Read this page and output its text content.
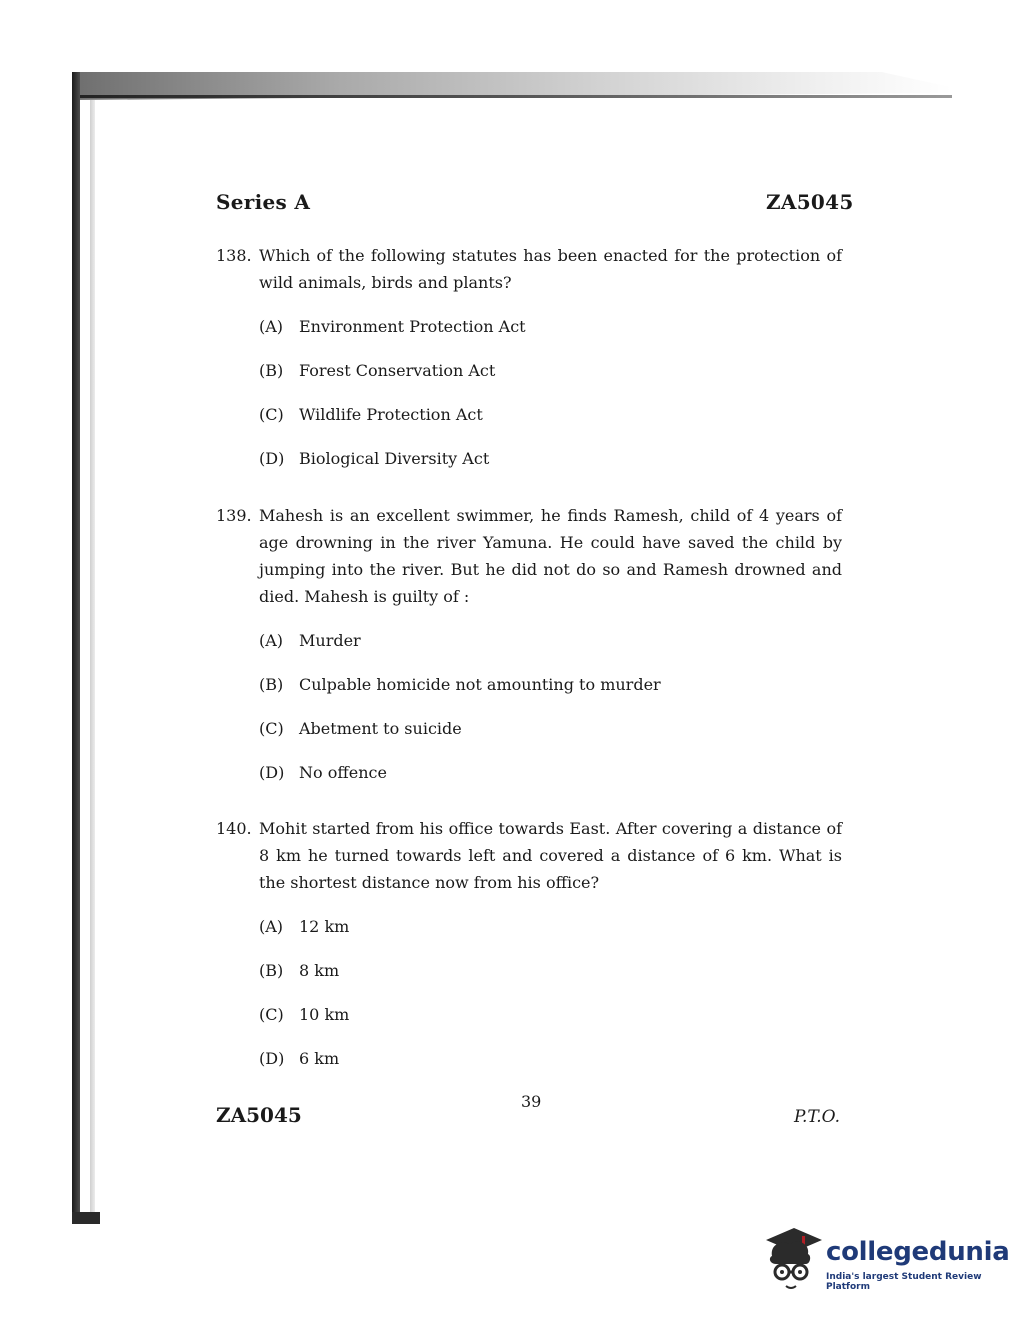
Series A	ZA5045
138. Which of the following statutes has been enacted for the protection of wild animals, birds and plants?
(A) Environment Protection Act
(B) Forest Conservation Act
(C) Wildlife Protection Act
(D) Biological Diversity Act
139. Mahesh is an excellent swimmer, he finds Ramesh, child of 4 years of age drowning in the river Yamuna. He could have saved the child by jumping into the river. But he did not do so and Ramesh drowned and died. Mahesh is guilty of :
(A) Murder
(B) Culpable homicide not amounting to murder
(C) Abetment to suicide
(D) No offence
140. Mohit started from his office towards East. After covering a distance of 8 km he turned towards left and covered a distance of 6 km. What is the shortest distance now from his office?
(A) 12 km
(B) 8 km
(C) 10 km
(D) 6 km
39
ZA5045	P.T.O.
collegedunia
India's largest Student Review Platform
